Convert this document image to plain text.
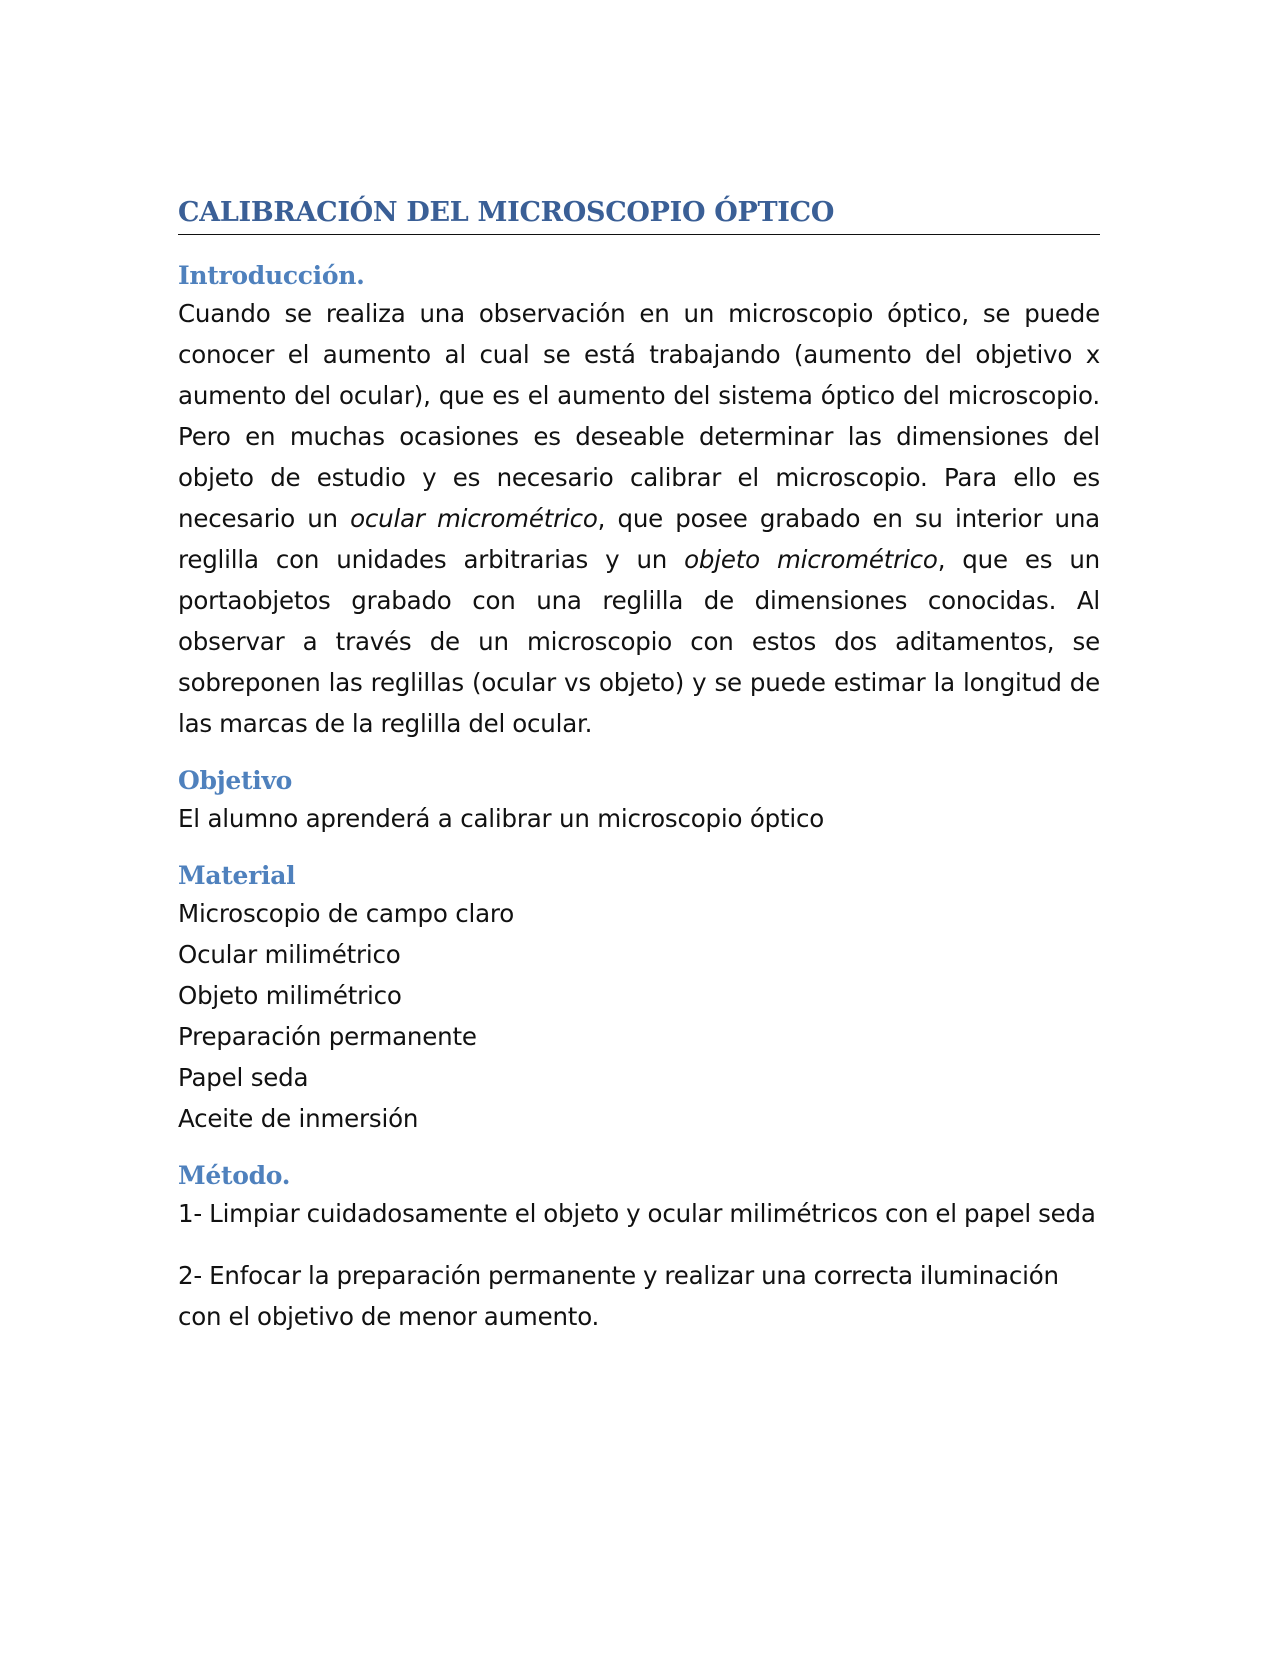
CALIBRACIÓN DEL MICROSCOPIO ÓPTICO
Introducción.

Cuando se realiza una observación en un microscopio óptico, se puede conocer el aumento al cual se está trabajando (aumento del objetivo x aumento del ocular), que es el aumento del sistema óptico del microscopio. Pero en muchas ocasiones es deseable determinar las dimensiones del objeto de estudio y es necesario calibrar el microscopio. Para ello es necesario un ocular micrométrico, que posee grabado en su interior una reglilla con unidades arbitrarias y un objeto micrométrico, que es un portaobjetos grabado con una reglilla de dimensiones conocidas. Al observar a través de un microscopio con estos dos aditamentos, se sobreponen las reglillas (ocular vs objeto) y se puede estimar la longitud de las marcas de la reglilla del ocular.

Objetivo

El alumno aprenderá a calibrar un microscopio óptico

Material

Microscopio de campo claro

Ocular milimétrico

Objeto milimétrico

Preparación permanente

Papel seda

Aceite de inmersión

Método.

1- Limpiar cuidadosamente el objeto y ocular milimétricos con el papel seda

2- Enfocar la preparación permanente y realizar una correcta iluminación con el objetivo de menor aumento.
